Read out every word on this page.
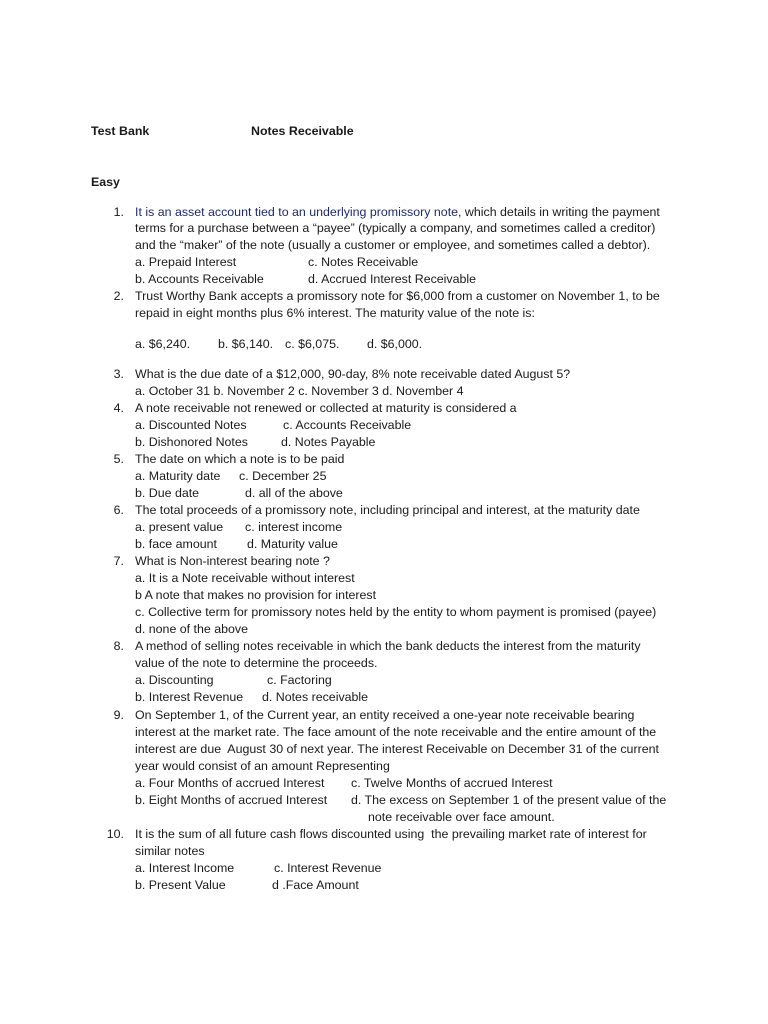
Test Bank	Notes Receivable
Easy
1. It is an asset account tied to an underlying promissory note, which details in writing the payment
terms for a purchase between a “payee” (typically a company, and sometimes called a creditor)
and the “maker” of the note (usually a customer or employee, and sometimes called a debtor).
a. Prepaid Interest	c. Notes Receivable
b. Accounts Receivable	d. Accrued Interest Receivable
2. Trust Worthy Bank accepts a promissory note for $6,000 from a customer on November 1, to be
repaid in eight months plus 6% interest. The maturity value of the note is:
a. $6,240. b. $6,140. c. $6,075. d. $6,000.
3. What is the due date of a $12,000, 90-day, 8% note receivable dated August 5?
a. October 31 b. November 2 c. November 3 d. November 4
4. A note receivable not renewed or collected at maturity is considered a
a. Discounted Notes	c. Accounts Receivable
b. Dishonored Notes	d. Notes Payable
5. The date on which a note is to be paid
a. Maturity date c. December 25
b. Due date	d. all of the above
6. The total proceeds of a promissory note, including principal and interest, at the maturity date
a. present value c. interest income
b. face amount d. Maturity value
7. What is Non-interest bearing note ?
a. It is a Note receivable without interest
b A note that makes no provision for interest
c. Collective term for promissory notes held by the entity to whom payment is promised (payee)
d. none of the above
8. A method of selling notes receivable in which the bank deducts the interest from the maturity
value of the note to determine the proceeds.
a. Discounting	c. Factoring
b. Interest Revenue d. Notes receivable
9. On September 1, of the Current year, an entity received a one-year note receivable bearing
interest at the market rate. The face amount of the note receivable and the entire amount of the
interest are due  August 30 of next year. The interest Receivable on December 31 of the current
year would consist of an amount Representing
a. Four Months of accrued Interest c. Twelve Months of accrued Interest
b. Eight Months of accrued Interest d. The excess on September 1 of the present value of the
note receivable over face amount.
10. It is the sum of all future cash flows discounted using  the prevailing market rate of interest for
similar notes
a. Interest Income	c. Interest Revenue
b. Present Value	d .Face Amount
